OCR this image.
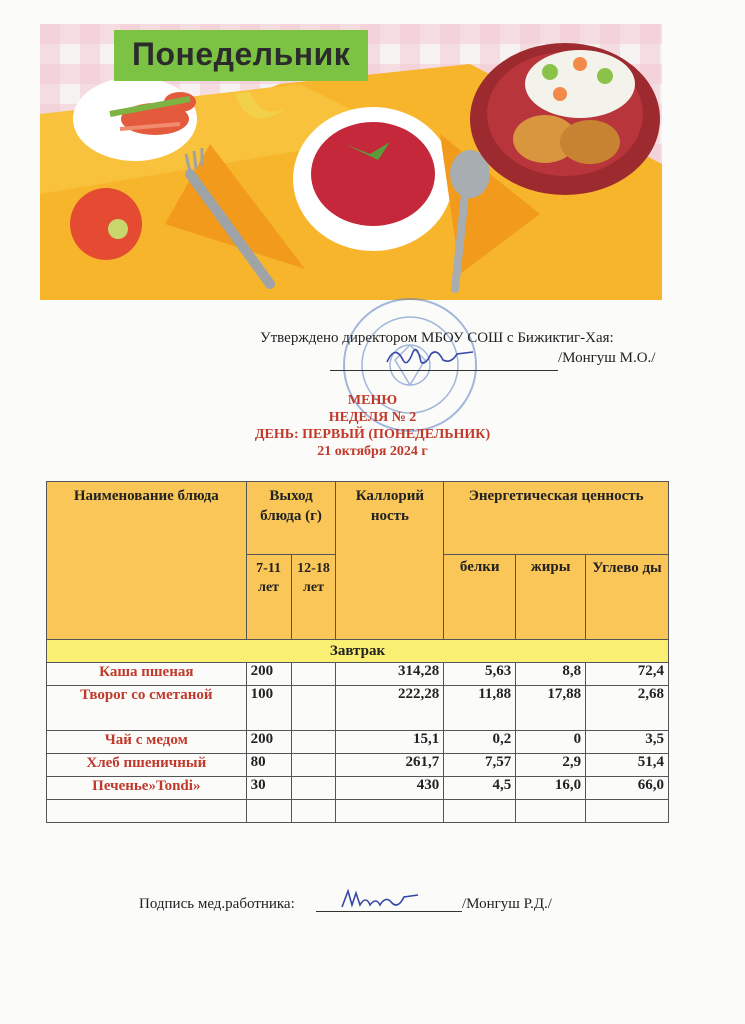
Понедельник
Утверждено директором МБОУ СОШ с Бижиктиг-Хая:
/Монгуш М.О./
МЕНЮ
НЕДЕЛЯ № 2
ДЕНЬ: ПЕРВЫЙ (ПОНЕДЕЛЬНИК)
21 октября 2024 г
Наименование блюда	Выход блюда (г)		Каллорий ность	Энергетическая ценность		
	7-11 лет	12-18 лет		белки	жиры	Углево ды
Завтрак						
Каша пшеная	200		314,28	5,63	8,8	72,4
Творог со сметаной	100		222,28	11,88	17,88	2,68
Чай с медом	200		15,1	0,2	0	3,5
Хлеб пшеничный	80		261,7	7,57	2,9	51,4
Печенье»Tondi»	30		430	4,5	16,0	66,0

Подпись мед.работника:	/Монгуш Р.Д./
